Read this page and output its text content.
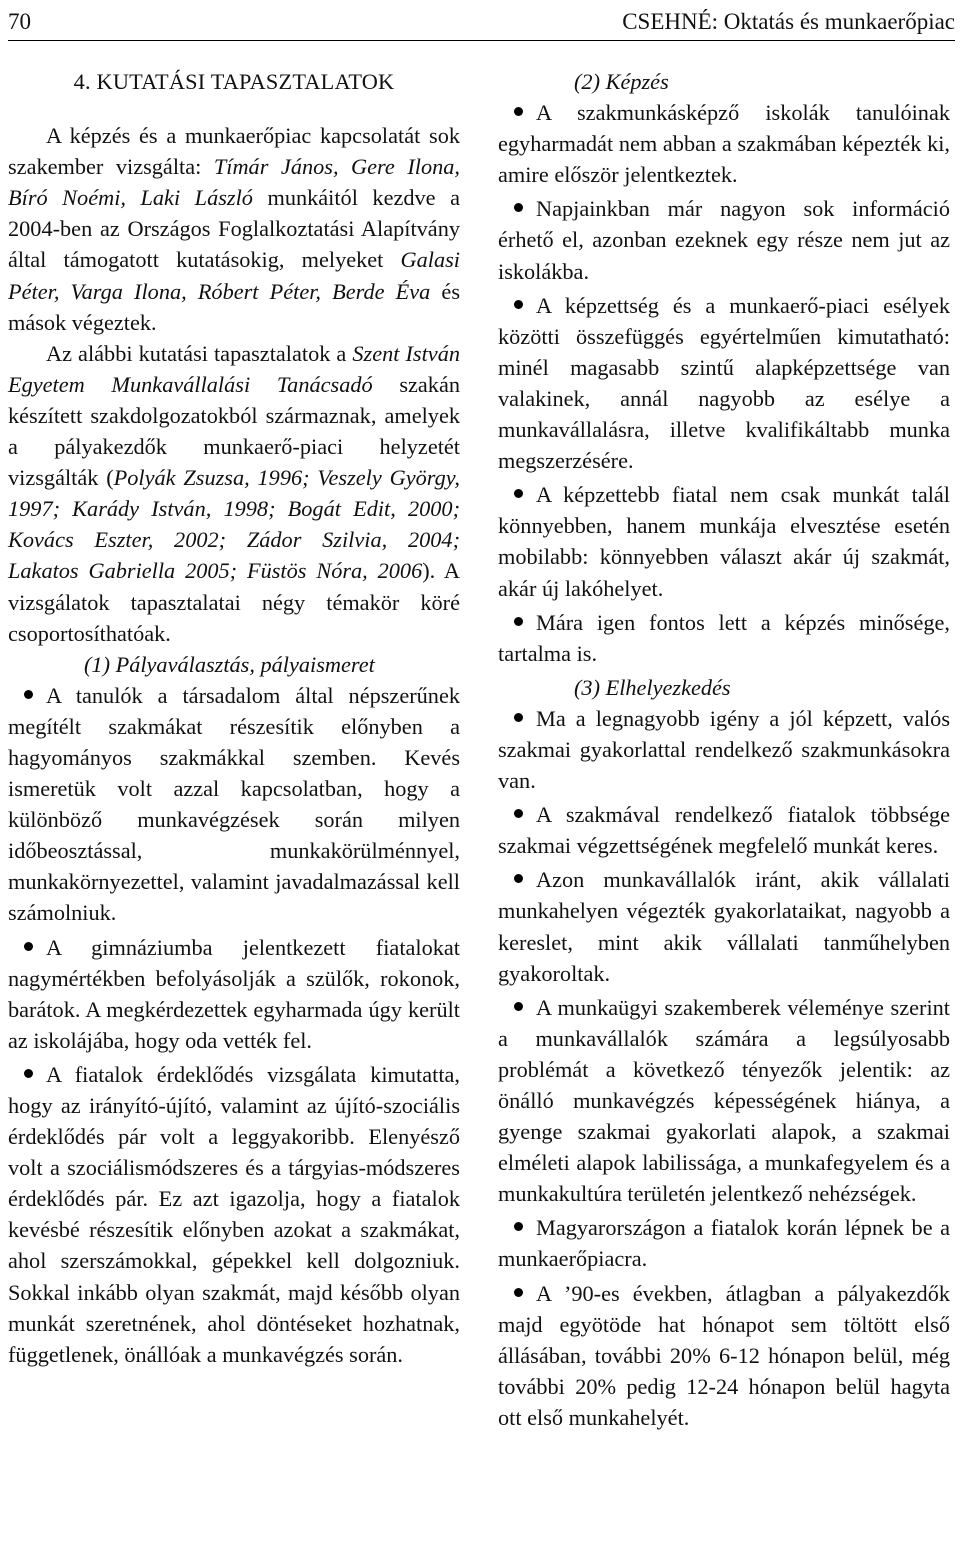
70	CSEHNÉ: Oktatás és munkaerőpiac
4. KUTATÁSI TAPASZTALATOK

A képzés és a munkaerőpiac kapcsolatát sok szakember vizsgálta: Tímár János, Gere Ilona, Bíró Noémi, Laki László munkáitól kezdve a 2004-ben az Országos Foglalkoztatási Alapítvány által támogatott kutatásokig, melyeket Galasi Péter, Varga Ilona, Róbert Péter, Berde Éva és mások végeztek.

Az alábbi kutatási tapasztalatok a Szent István Egyetem Munkavállalási Tanácsadó szakán készített szakdolgozatokból származnak, amelyek a pályakezdők munkaerő-piaci helyzetét vizsgálták (Polyák Zsuzsa, 1996; Veszely György, 1997; Karády István, 1998; Bogát Edit, 2000; Kovács Eszter, 2002; Zádor Szilvia, 2004; Lakatos Gabriella 2005; Füstös Nóra, 2006). A vizsgálatok tapasztalatai négy témakör köré csoportosíthatóak.

(1) Pályaválasztás, pályaismeret

A tanulók a társadalom által népszerűnek megítélt szakmákat részesítik előnyben a hagyományos szakmákkal szemben. Kevés ismeretük volt azzal kapcsolatban, hogy a különböző munkavégzések során milyen időbeosztással, munkakörülménnyel, munkakörnyezettel, valamint javadalmazással kell számolniuk.
A gimnáziumba jelentkezett fiatalokat nagymértékben befolyásolják a szülők, rokonok, barátok. A megkérdezettek egyharmada úgy került az iskolájába, hogy oda vették fel.
A fiatalok érdeklődés vizsgálata kimutatta, hogy az irányító-újító, valamint az újító-szociális érdeklődés pár volt a leggyakoribb. Elenyésző volt a szociálismódszeres és a tárgyias-módszeres érdeklődés pár. Ez azt igazolja, hogy a fiatalok kevésbé részesítik előnyben azokat a szakmákat, ahol szerszámokkal, gépekkel kell dolgozniuk. Sokkal inkább olyan szakmát, majd később olyan munkát szeretnének, ahol döntéseket hozhatnak, függetlenek, önállóak a munkavégzés során.

(2) Képzés

A szakmunkásképző iskolák tanulóinak egyharmadát nem abban a szakmában képezték ki, amire először jelentkeztek.
Napjainkban már nagyon sok információ érhető el, azonban ezeknek egy része nem jut az iskolákba.
A képzettség és a munkaerő-piaci esélyek közötti összefüggés egyértelműen kimutatható: minél magasabb szintű alapképzettsége van valakinek, annál nagyobb az esélye a munkavállalásra, illetve kvalifikáltabb munka megszerzésére.
A képzettebb fiatal nem csak munkát talál könnyebben, hanem munkája elvesztése esetén mobilabb: könnyebben választ akár új szakmát, akár új lakóhelyet.
Mára igen fontos lett a képzés minősége, tartalma is.

(3) Elhelyezkedés

Ma a legnagyobb igény a jól képzett, valós szakmai gyakorlattal rendelkező szakmunkásokra van.
A szakmával rendelkező fiatalok többsége szakmai végzettségének megfelelő munkát keres.
Azon munkavállalók iránt, akik vállalati munkahelyen végezték gyakorlataikat, nagyobb a kereslet, mint akik vállalati tanműhelyben gyakoroltak.
A munkaügyi szakemberek véleménye szerint a munkavállalók számára a legsúlyosabb problémát a következő tényezők jelentik: az önálló munkavégzés képességének hiánya, a gyenge szakmai gyakorlati alapok, a szakmai elméleti alapok labilissága, a munkafegyelem és a munkakultúra területén jelentkező nehézségek.
Magyarországon a fiatalok korán lépnek be a munkaerőpiacra.
A ’90-es években, átlagban a pályakezdők majd egyötöde hat hónapot sem töltött első állásában, további 20% 6-12 hónapon belül, még további 20% pedig 12-24 hónapon belül hagyta ott első munkahelyét.
